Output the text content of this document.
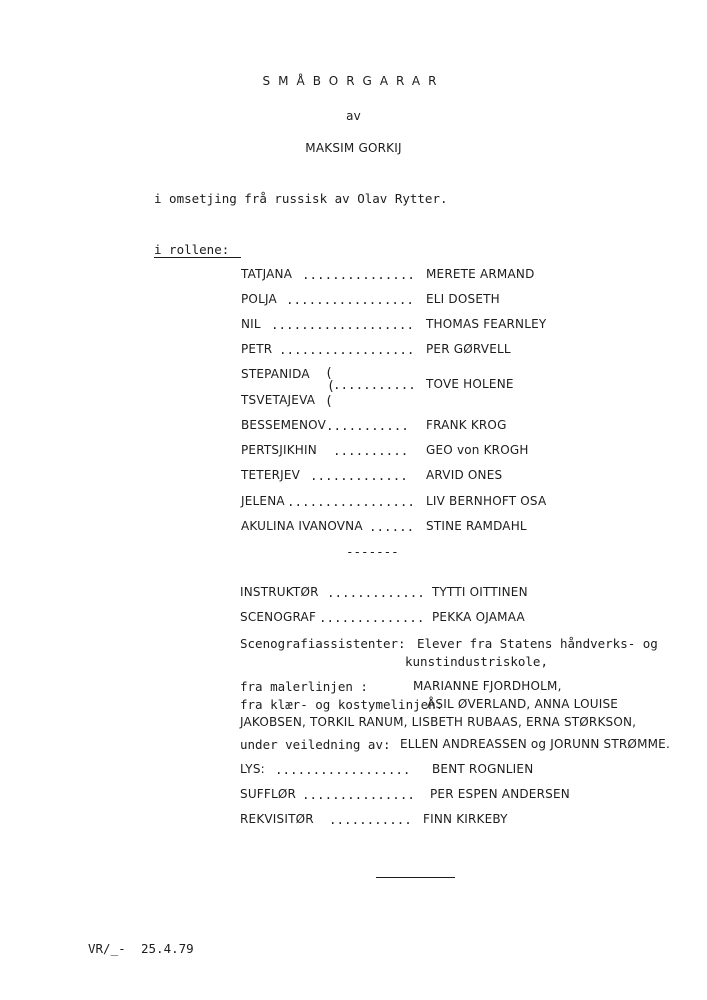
SMÅBORGARAR
av
MAKSIM GORKIJ
i omsetjing frå russisk av Olav Rytter.
i rollene:
TATJANA ............... MERETE ARMAND
POLJA ................. ELI DOSETH
NIL ................... THOMAS FEARNLEY
PETR .................. PER GØRVELL
STEPANIDA (
(
(
........... TOVE HOLENE
TSVETAJEVA
BESSEMENOV ........... FRANK KROG
PERTSJIKHIN .......... GEO von KROGH
TETERJEV ............. ARVID ONES
JELENA ................. LIV BERNHOFT OSA
AKULINA IVANOVNA ...... STINE RAMDAHL
-------
INSTRUKTØR ............. TYTTI OITTINEN
SCENOGRAF .............. PEKKA OJAMAA
Scenografiassistenter: Elever fra Statens håndverks- og
kunstindustriskole,
fra malerlinjen :	MARIANNE FJORDHOLM,
fra klær- og kostymelinjen:
ÅSIL ØVERLAND, ANNA LOUISE
JAKOBSEN, TORKIL RANUM, LISBETH RUBAAS, ERNA STØRKSON,
under veiledning av: ELLEN ANDREASSEN og JORUNN STRØMME.
LYS: .................. BENT ROGNLIEN
SUFFLØR ............... PER ESPEN ANDERSEN
REKVISITØR ........... FINN KIRKEBY
VR/_- 25.4.79
